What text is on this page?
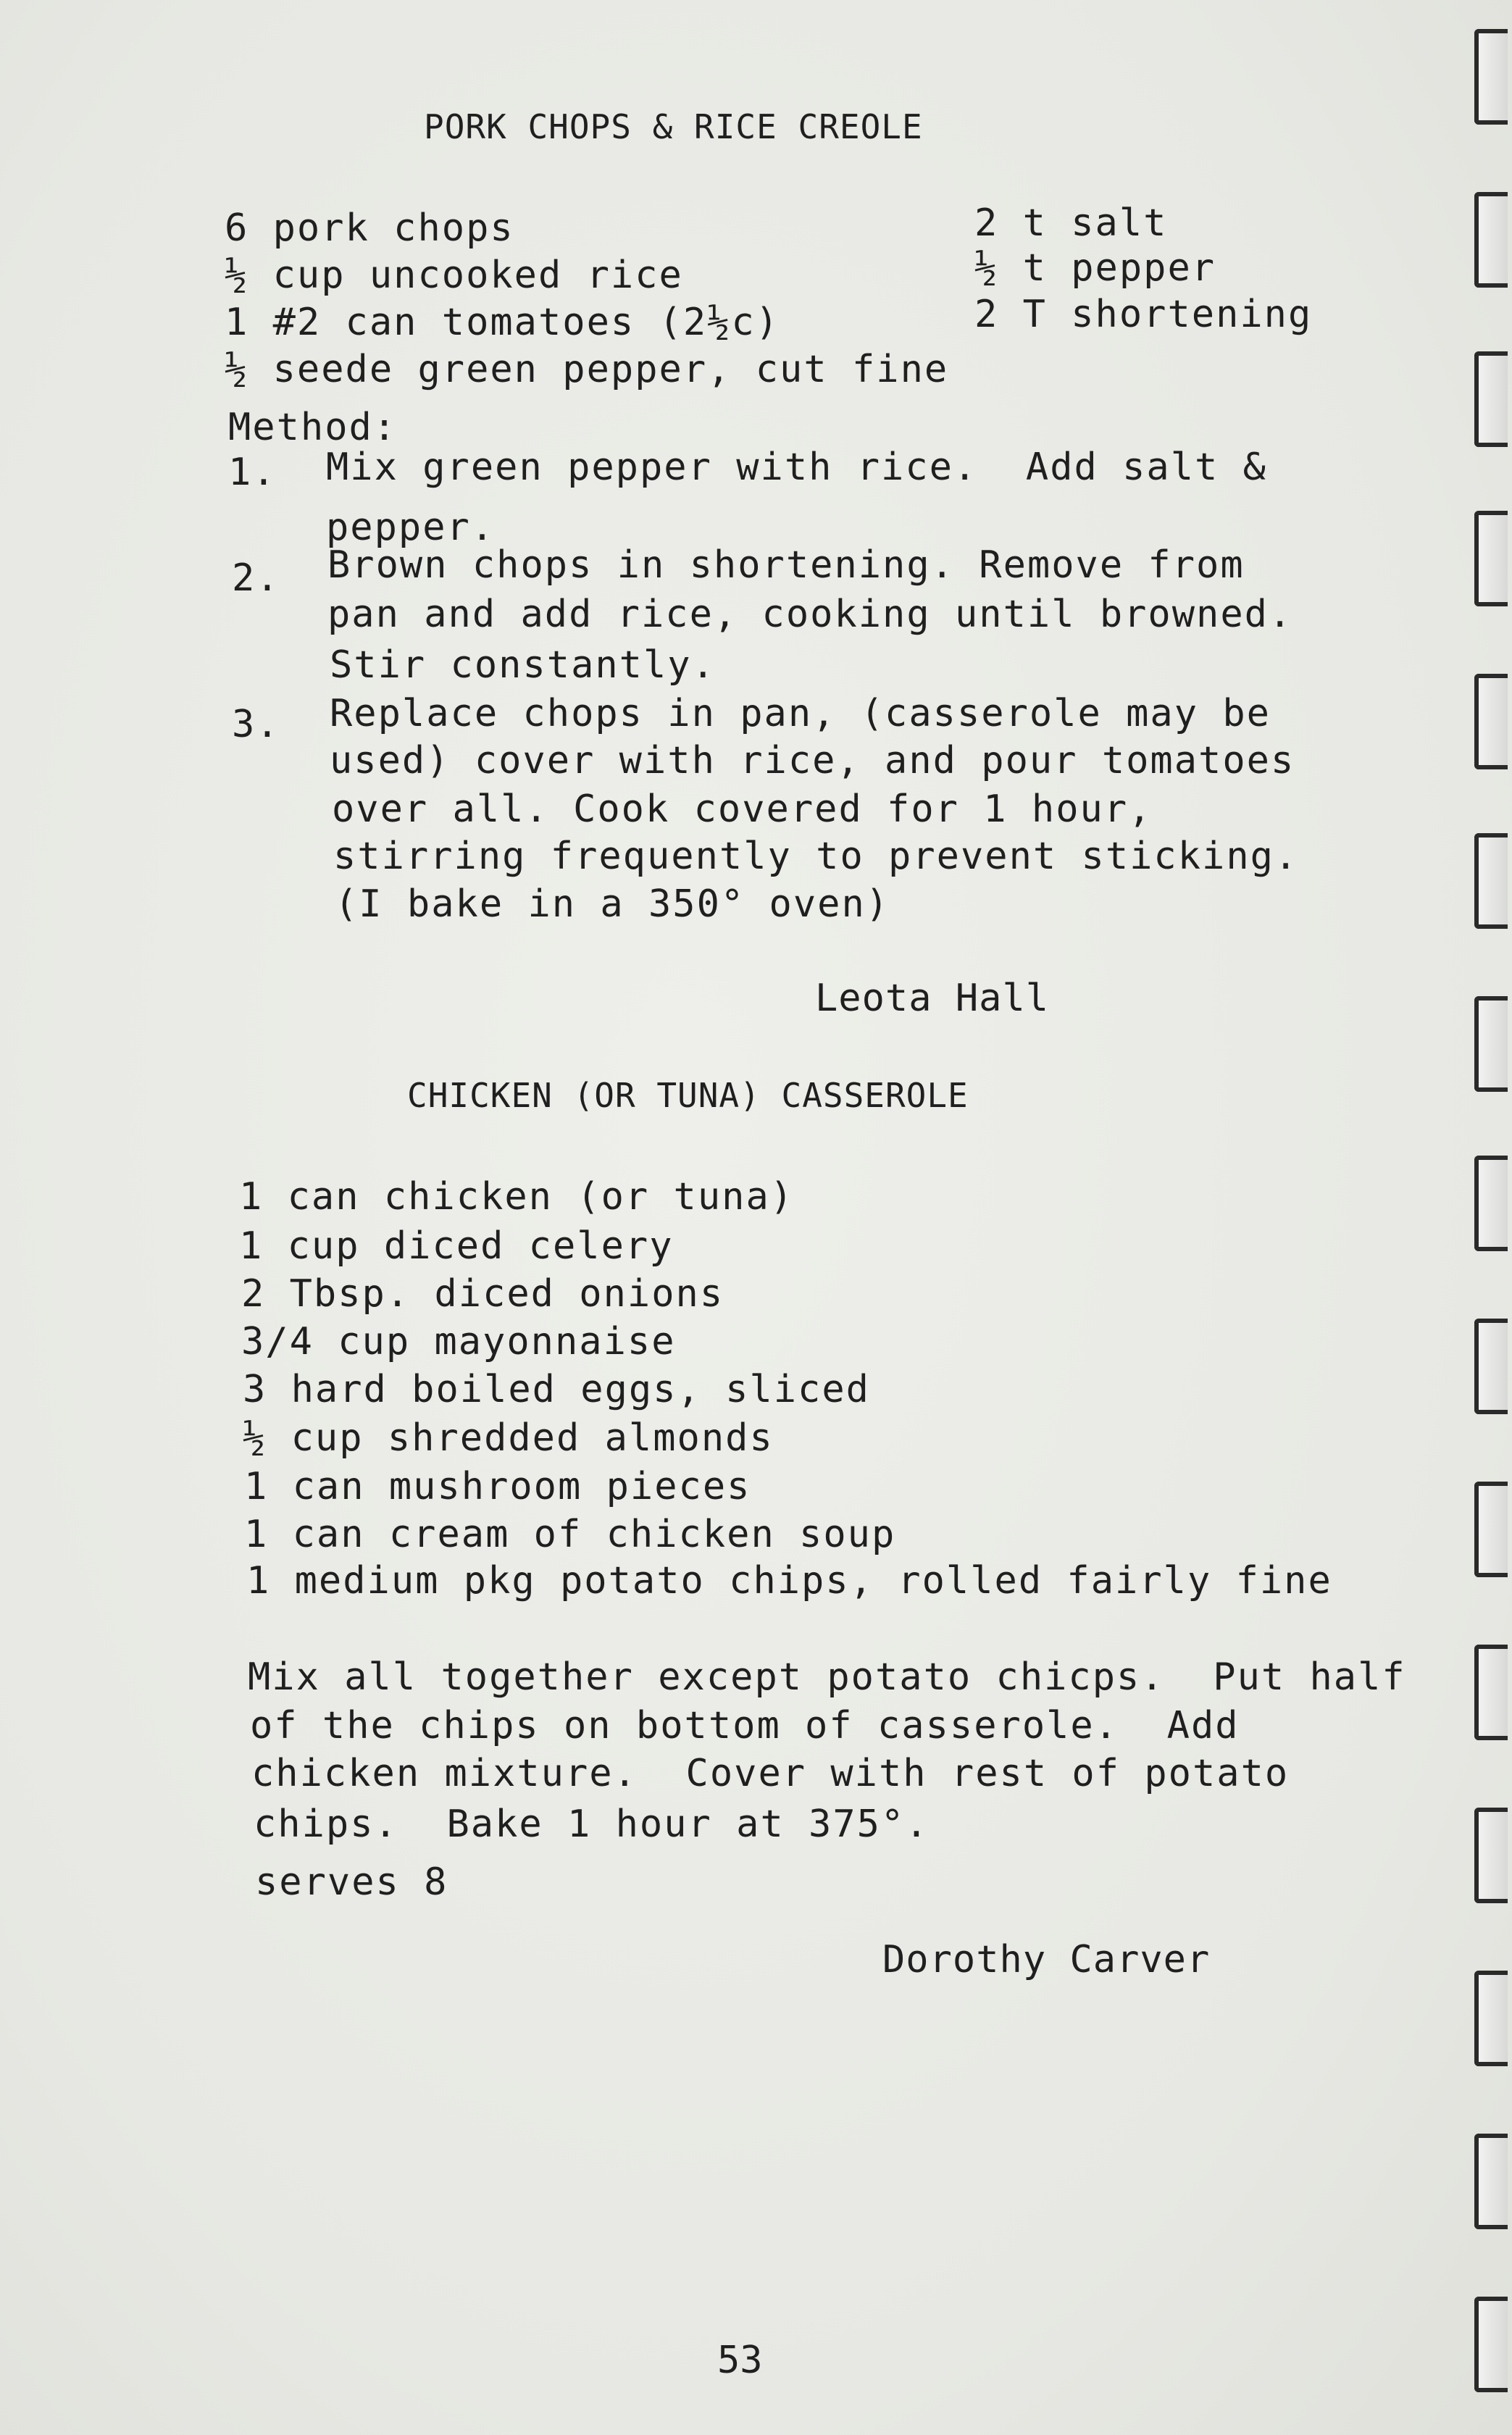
PORK CHOPS & RICE CREOLE
6 pork chops
½ cup uncooked rice
1 #2 can tomatoes (2½c)
½ seede green pepper, cut fine
2 t salt
½ t pepper
2 T shortening
Method:
1. Mix green pepper with rice.  Add salt &
pepper.
2. Brown chops in shortening. Remove from
pan and add rice, cooking until browned.
Stir constantly.
3. Replace chops in pan, (casserole may be
used) cover with rice, and pour tomatoes
over all. Cook covered for 1 hour,
stirring frequently to prevent sticking.
(I bake in a 350° oven)
Leota Hall
CHICKEN (OR TUNA) CASSEROLE
1 can chicken (or tuna)
1 cup diced celery
2 Tbsp. diced onions
3/4 cup mayonnaise
3 hard boiled eggs, sliced
½ cup shredded almonds
1 can mushroom pieces
1 can cream of chicken soup
1 medium pkg potato chips, rolled fairly fine
Mix all together except potato chicps.  Put half
of the chips on bottom of casserole.  Add
chicken mixture.  Cover with rest of potato
chips.  Bake 1 hour at 375°.
serves 8
Dorothy Carver
53
